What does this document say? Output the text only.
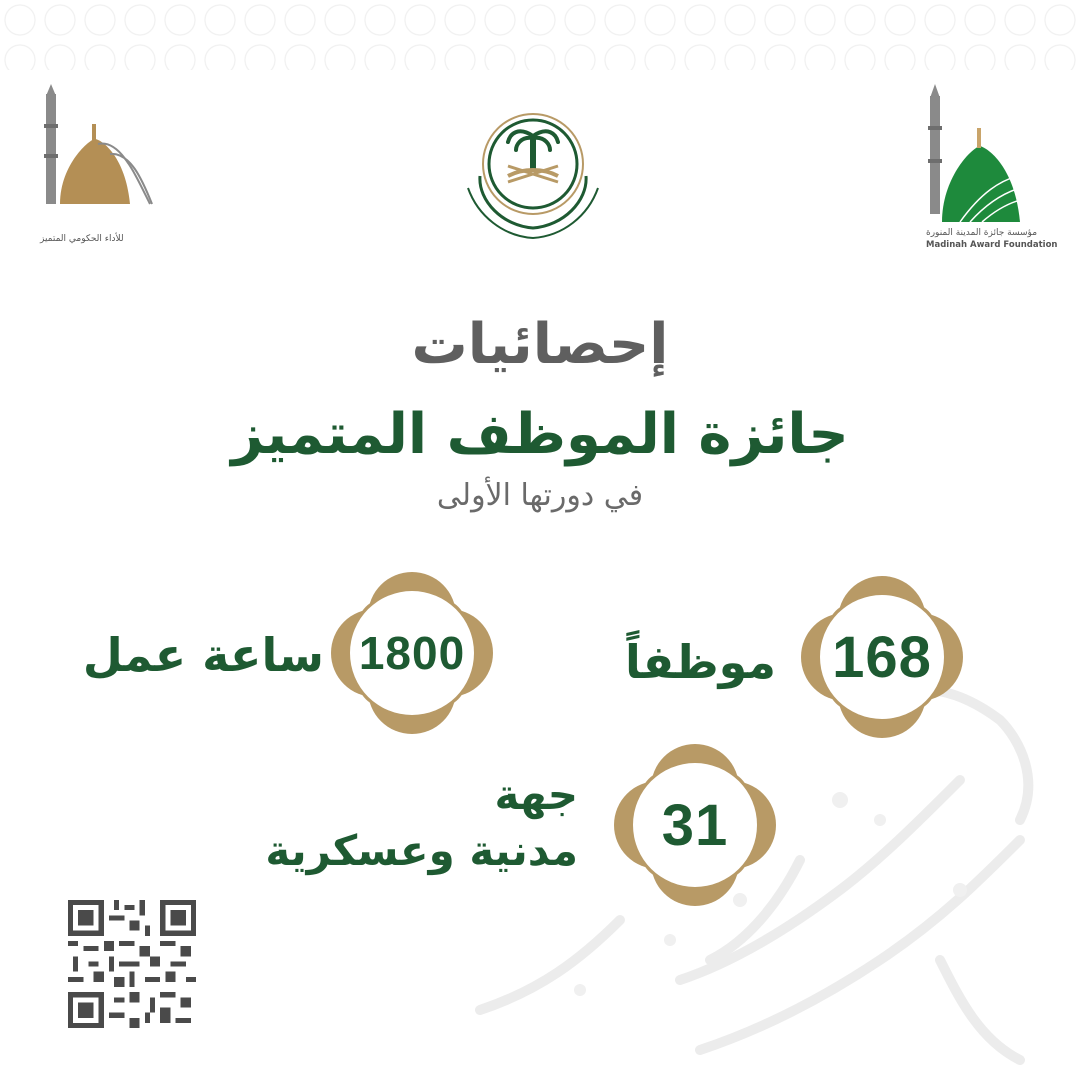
للأداء الحكومي المتميز
مؤسسة جائزة المدينة المنورة
Madinah Award Foundation
إحصائيات
جائزة الموظف المتميز
في دورتها الأولى
168
موظفاً
1800
ساعة عمل
31
جهة
مدنية وعسكرية
